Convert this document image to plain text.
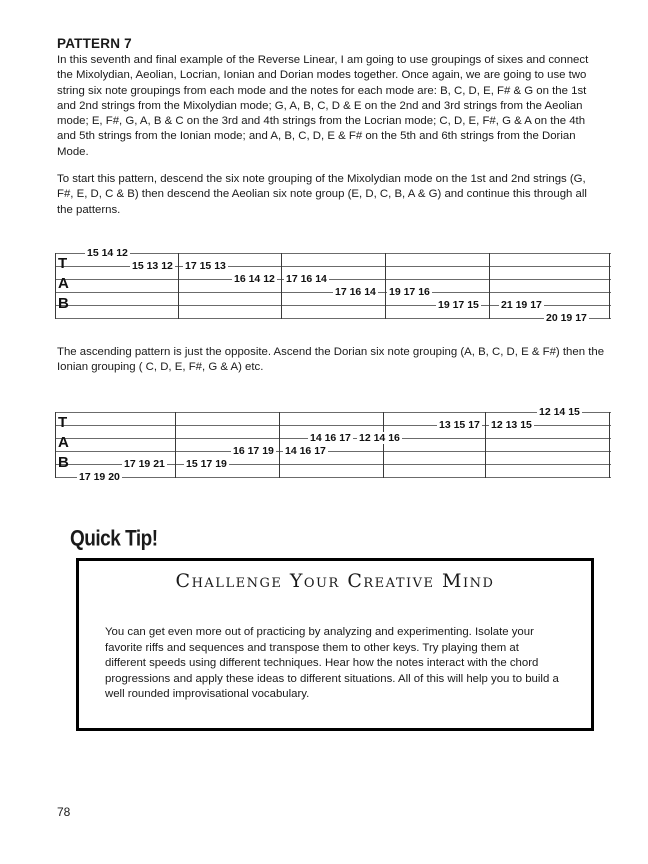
PATTERN 7

In this seventh and final example of the Reverse Linear, I am going to use groupings of sixes and connect the Mixolydian, Aeolian, Locrian, Ionian and Dorian modes together. Once again, we are going to use two string six note groupings from each mode and the notes for each mode are: B, C, D, E, F# & G on the 1st and 2nd strings from the Mixolydian mode; G, A, B, C, D & E on the 2nd and 3rd strings from the Aeolian mode; E, F#, G, A, B & C on the 3rd and 4th strings from the Locrian mode; C, D, E, F#, G & A on the 4th and 5th strings from the Ionian mode; and A, B, C, D, E & F# on the 5th and 6th strings from the Dorian Mode.

To start this pattern, descend the six note grouping of the Mixolydian mode on the 1st and 2nd strings (G, F#, E, D, C & B) then descend the Aeolian six note group (E, D, C, B, A & G) and continue this through all the patterns.

T
A
B
15 14 12
15 13 12 17 15 13
16 14 12 17 16 14
17 16 14 19 17 16
19 17 15 21 19 17
20 19 17

The ascending pattern is just the opposite. Ascend the Dorian six note grouping (A, B, C, D, E & F#) then the Ionian grouping ( C, D, E, F#, G & A) etc.

T
A
B
17 19 20
17 19 21 15 17 19
16 17 19 14 16 17
14 16 17 12 14 16
13 15 17 12 13 15
12 14 15
Quick Tip!
Challenge Your Creative Mind

You can get even more out of practicing by analyzing and experimenting. Isolate your favorite riffs and sequences and transpose them to other keys. Try playing them at different speeds using different techniques. Hear how the notes interact with the chord progressions and apply these ideas to different situations. All of this will help you to build a well rounded improvisational vocabulary.

78
